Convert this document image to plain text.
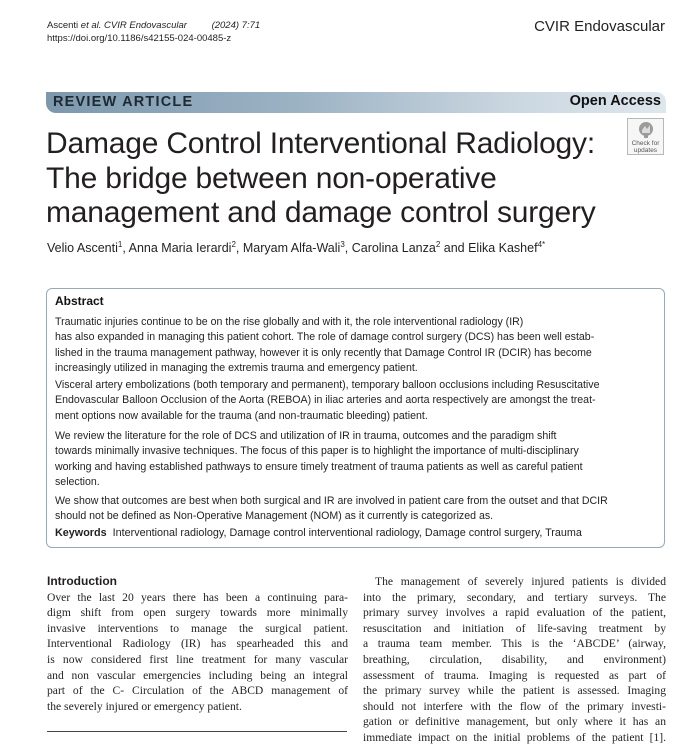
Ascenti et al. CVIR Endovascular	(2024) 7:71
https://doi.org/10.1186/s42155-024-00485-z
CVIR Endovascular
REVIEW ARTICLE	Open Access
Check for
updates
Damage Control Interventional Radiology:
The bridge between non-operative
management and damage control surgery
Velio Ascenti$^1$, Anna Maria Ierardi$^2$, Maryam Alfa-Wali$^3$, Carolina Lanza$^2$ and Elika Kashef$^{4*}$
Abstract

Traumatic injuries continue to be on the rise globally and with it, the role interventional radiology (IR)
has also expanded in managing this patient cohort. The role of damage control surgery (DCS) has been well estab-
lished in the trauma management pathway, however it is only recently that Damage Control IR (DCIR) has become
increasingly utilized in managing the extremis trauma and emergency patient.

Visceral artery embolizations (both temporary and permanent), temporary balloon occlusions including Resuscitative
Endovascular Balloon Occlusion of the Aorta (REBOA) in iliac arteries and aorta respectively are amongst the treat-
ment options now available for the trauma (and non-traumatic bleeding) patient.

We review the literature for the role of DCS and utilization of IR in trauma, outcomes and the paradigm shift
towards minimally invasive techniques. The focus of this paper is to highlight the importance of multi-disciplinary
working and having established pathways to ensure timely treatment of trauma patients as well as careful patient
selection.

We show that outcomes are best when both surgical and IR are involved in patient care from the outset and that DCIR
should not be defined as Non-Operative Management (NOM) as it currently is categorized as.

Keywords Interventional radiology, Damage control interventional radiology, Damage control surgery, Trauma
Introduction
Over the last 20 years there has been a continuing para-
digm shift from open surgery towards more minimally
invasive interventions to manage the surgical patient.
Interventional Radiology (IR) has spearheaded this and
is now considered first line treatment for many vascular
and non vascular emergencies including being an integral
part of the C- Circulation of the ABCD management of
the severely injured or emergency patient.
The management of severely injured patients is divided
into the primary, secondary, and tertiary surveys. The
primary survey involves a rapid evaluation of the patient,
resuscitation and initiation of life-saving treatment by
a trauma team member. This is the ‘ABCDE’ (airway,
breathing, circulation, disability, and environment)
assessment of trauma. Imaging is requested as part of
the primary survey while the patient is assessed. Imaging
should not interfere with the flow of the primary investi-
gation or definitive management, but only where it has an
immediate impact on the initial problems of the patient [1].
